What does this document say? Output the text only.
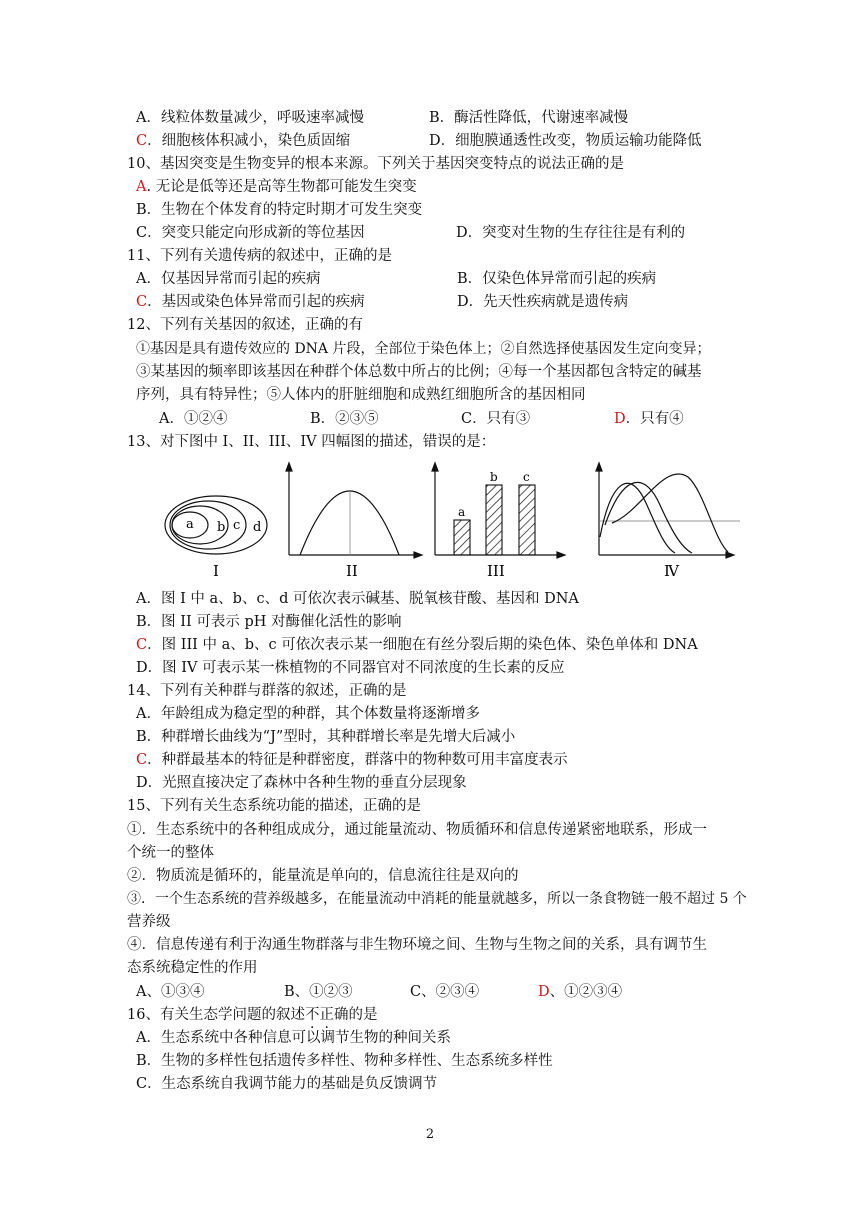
A．线粒体数量减少，呼吸速率减慢	B．酶活性降低，代谢速率减慢
C．细胞核体积减小，染色质固缩	D．细胞膜通透性改变，物质运输功能降低
10、基因突变是生物变异的根本来源。下列关于基因突变特点的说法正确的是
A. 无论是低等还是高等生物都可能发生突变
B．生物在个体发育的特定时期才可发生突变
C．突变只能定向形成新的等位基因	D．突变对生物的生存往往是有利的
11、下列有关遗传病的叙述中，正确的是
A．仅基因异常而引起的疾病	B．仅染色体异常而引起的疾病
C．基因或染色体异常而引起的疾病	D．先天性疾病就是遗传病
12、下列有关基因的叙述，正确的有
①基因是具有遗传效应的 DNA 片段，全部位于染色体上；②自然选择使基因发生定向变异；
③某基因的频率即该基因在种群个体总数中所占的比例；④每一个基因都包含特定的碱基
序列，具有特异性；⑤人体内的肝脏细胞和成熟红细胞所含的基因相同
A．①②④	B．②③⑤	C．只有③	D．只有④
13、对下图中 I、II、III、IV 四幅图的描述，错误的是：
a b c d
I	II
a
b c
III	Ⅳ
A．图 I 中 a、b、c、d 可依次表示碱基、脱氧核苷酸、基因和 DNA
B．图 II 可表示 pH 对酶催化活性的影响
C．图 III 中 a、b、c 可依次表示某一细胞在有丝分裂后期的染色体、染色单体和 DNA
D．图 IV 可表示某一株植物的不同器官对不同浓度的生长素的反应
14、下列有关种群与群落的叙述，正确的是
A．年龄组成为稳定型的种群，其个体数量将逐渐增多
B．种群增长曲线为“J”型时，其种群增长率是先增大后减小
C．种群最基本的特征是种群密度，群落中的物种数可用丰富度表示
D．光照直接决定了森林中各种生物的垂直分层现象
15、下列有关生态系统功能的描述，正确的是
①．生态系统中的各种组成成分，通过能量流动、物质循环和信息传递紧密地联系，形成一
个统一的整体
②．物质流是循环的，能量流是单向的，信息流往往是双向的
③．一个生态系统的营养级越多，在能量流动中消耗的能量就越多，所以一条食物链一般不超过 5 个
营养级
④．信息传递有利于沟通生物群落与非生物环境之间、生物与生物之间的关系，具有调节生
态系统稳定性的作用
A、①③④	B、①②③	C、②③④	D、①②③④
16、有关生态学问题的叙述不正确的是
A．生态系统中各种信息可以调节生物的种间关系
B．生物的多样性包括遗传多样性、物种多样性、生态系统多样性
C．生态系统自我调节能力的基础是负反馈调节
2
